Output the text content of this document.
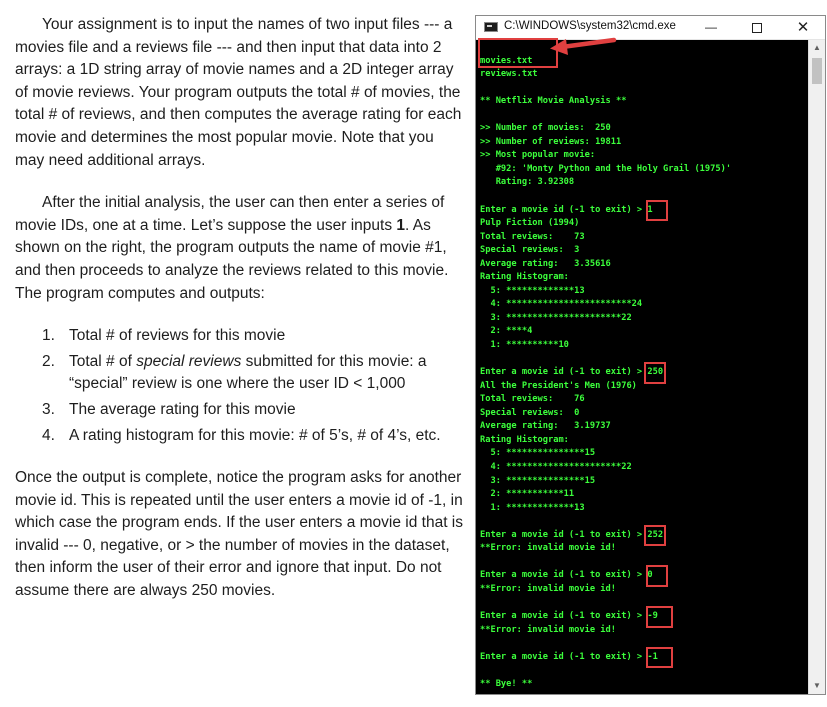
Your assignment is to input the names of two input files --- a movies file and a reviews file --- and then input that data into 2 arrays: a 1D string array of movie names and a 2D integer array of movie reviews. Your program outputs the total # of movies, the total # of reviews, and then computes the average rating for each movie and determines the most popular movie. Note that you may need additional arrays.

After the initial analysis, the user can then enter a series of movie IDs, one at a time. Let’s suppose the user inputs 1. As shown on the right, the program outputs the name of movie #1, and then proceeds to analyze the reviews related to this movie. The program computes and outputs:

1. Total # of reviews for this movie
2. Total # of special reviews submitted for this movie: a “special” review is one where the user ID < 1,000
3. The average rating for this movie
4. A rating histogram for this movie: # of 5’s, # of 4’s, etc.

Once the output is complete, notice the program asks for another movie id. This is repeated until the user enters a movie id of -1, in which case the program ends. If the user enters a movie id that is invalid --- 0, negative, or > the number of movies in the dataset, then inform the user of their error and ignore that input. Do not assume there are always 250 movies.

C:\WINDOWS\system32\cmd.exe	—	✕

movies.txt
reviews.txt
** Netflix Movie Analysis **
>> Number of movies:  250
>> Number of reviews: 19811
>> Most popular movie:
#92: 'Monty Python and the Holy Grail (1975)'
Rating: 3.92308
Enter a movie id (-1 to exit) > 1
Pulp Fiction (1994)
Total reviews:    73
Special reviews:  3
Average rating:   3.35616
Rating Histogram:
5: *************13
4: ************************24
3: **********************22
2: ****4
1: **********10
Enter a movie id (-1 to exit) > 250
All the President's Men (1976)
Total reviews:    76
Special reviews:  0
Average rating:   3.19737
Rating Histogram:
5: ***************15
4: **********************22
3: ***************15
2: ***********11
1: *************13
Enter a movie id (-1 to exit) > 252
**Error: invalid movie id!
Enter a movie id (-1 to exit) > 0
**Error: invalid movie id!
Enter a movie id (-1 to exit) > -9
**Error: invalid movie id!
Enter a movie id (-1 to exit) > -1
** Bye! **

▲
▼
